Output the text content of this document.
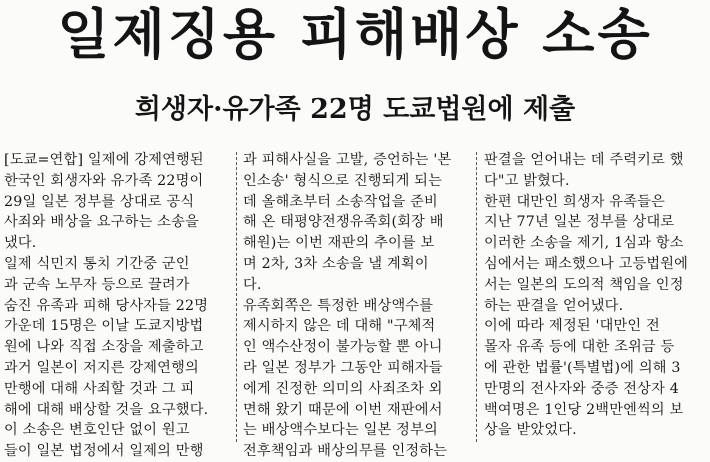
일제징용 피해배상 소송
희생자·유가족 22명 도쿄법원에 제출
[도쿄=연합] 일제에 강제연행된
한국인 회생자와 유가족 22명이
29일 일본 정부를 상대로 공식
사죄와 배상을 요구하는 소송을
냈다.
일제 식민지 통치 기간중 군인
과 군속 노무자 등으로 끌려가
숨진 유족과 피해 당사자들 22명
가운데 15명은 이날 도쿄지방법
원에 나와 직접 소장을 제출하고
과거 일본이 저지른 강제연행의
만행에 대해 사죄할 것과 그 피
해에 대해 배상할 것을 요구했다.
이 소송은 변호인단 없이 원고
들이 일본 법정에서 일제의 만행
과 피해사실을 고발, 증언하는 '본
인소송' 형식으로 진행되게 되는
데 올해초부터 소송작업을 준비
해 온 태평양전쟁유족회(회장 배
해원)는 이번 재판의 추이를 보
며 2차, 3차 소송을 낼 계획이
다.
유족회쪽은 특정한 배상액수를
제시하지 않은 데 대해 "구체적
인 액수산정이 불가능할 뿐 아니
라 일본 정부가 그동안 피해자들
에게 진정한 의미의 사죄조차 외
면해 왔기 때문에 이번 재판에서
는 배상액수보다는 일본 정부의
전후책임과 배상의무를 인정하는
판결을 얻어내는 데 주력키로 했
다"고 밝혔다.
한편 대만인 희생자 유족들은
지난 77년 일본 정부를 상대로
이러한 소송을 제기, 1심과 항소
심에서는 패소했으나 고등법원에
서는 일본의 도의적 책임을 인정
하는 판결을 얻어냈다.
이에 따라 제정된 '대만인 전
몰자 유족 등에 대한 조위금 등
에 관한 법률'(특별법)에 의해 3
만명의 전사자와 중증 전상자 4
백여명은 1인당 2백만엔씩의 보
상을 받았었다.
